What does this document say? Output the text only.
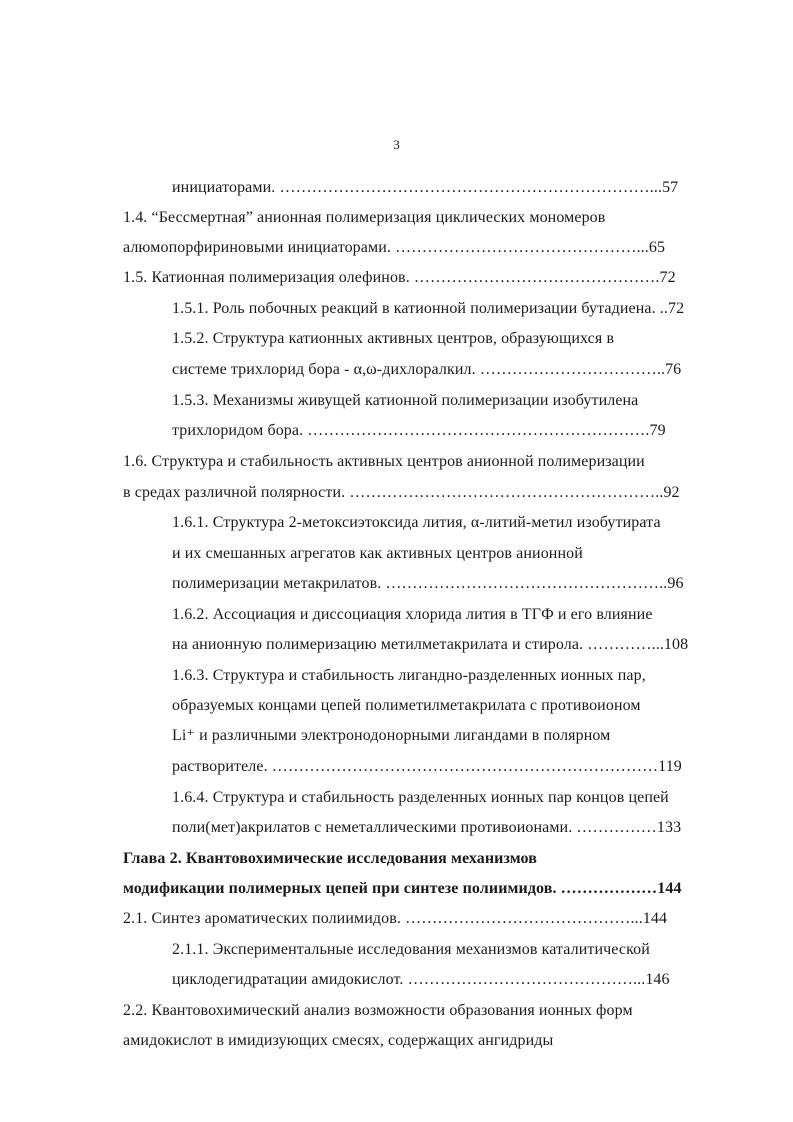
3
инициаторами. ……………………………………………………………...57
1.4. “Бессмертная” анионная полимеризация циклических мономеров
алюмопорфириновыми инициаторами. ………………………………………...65
1.5. Катионная полимеризация олефинов. ……………………………………….72
1.5.1. Роль побочных реакций в катионной полимеризации бутадиена. ..72
1.5.2. Структура катионных активных центров, образующихся в
системе трихлорид бора - α,ω-дихлоралкил. ……………………………..76
1.5.3. Механизмы живущей катионной полимеризации изобутилена
трихлоридом бора. ……………………………………………………….79
1.6. Структура и стабильность активных центров анионной полимеризации
в средах различной полярности. …………………………………………………..92
1.6.1. Структура 2-метоксиэтоксида лития, α-литий-метил изобутирата
и их смешанных агрегатов как активных центров анионной
полимеризации метакрилатов. ……………………………………………..96
1.6.2. Ассоциация и диссоциация хлорида лития в ТГФ и его влияние
на анионную полимеризацию метилметакрилата и стирола. …………...108
1.6.3. Структура и стабильность лигандно-разделенных ионных пар,
образуемых концами цепей полиметилметакрилата с противоионом
Li⁺ и различными электронодонорными лигандами в полярном
растворителе. ………………………………………………………………119
1.6.4. Структура и стабильность разделенных ионных пар концов цепей
поли(мет)акрилатов с неметаллическими противоионами. ……………133
Глава 2. Квантовохимические исследования механизмов
модификации полимерных цепей при синтезе полиимидов. ………………144
2.1. Синтез ароматических полиимидов. ……………………………………...144
2.1.1. Экспериментальные исследования механизмов каталитической
циклодегидратации амидокислот. ……………………………………...146
2.2. Квантовохимический анализ возможности образования ионных форм
амидокислот в имидизующих смесях, содержащих ангидриды
